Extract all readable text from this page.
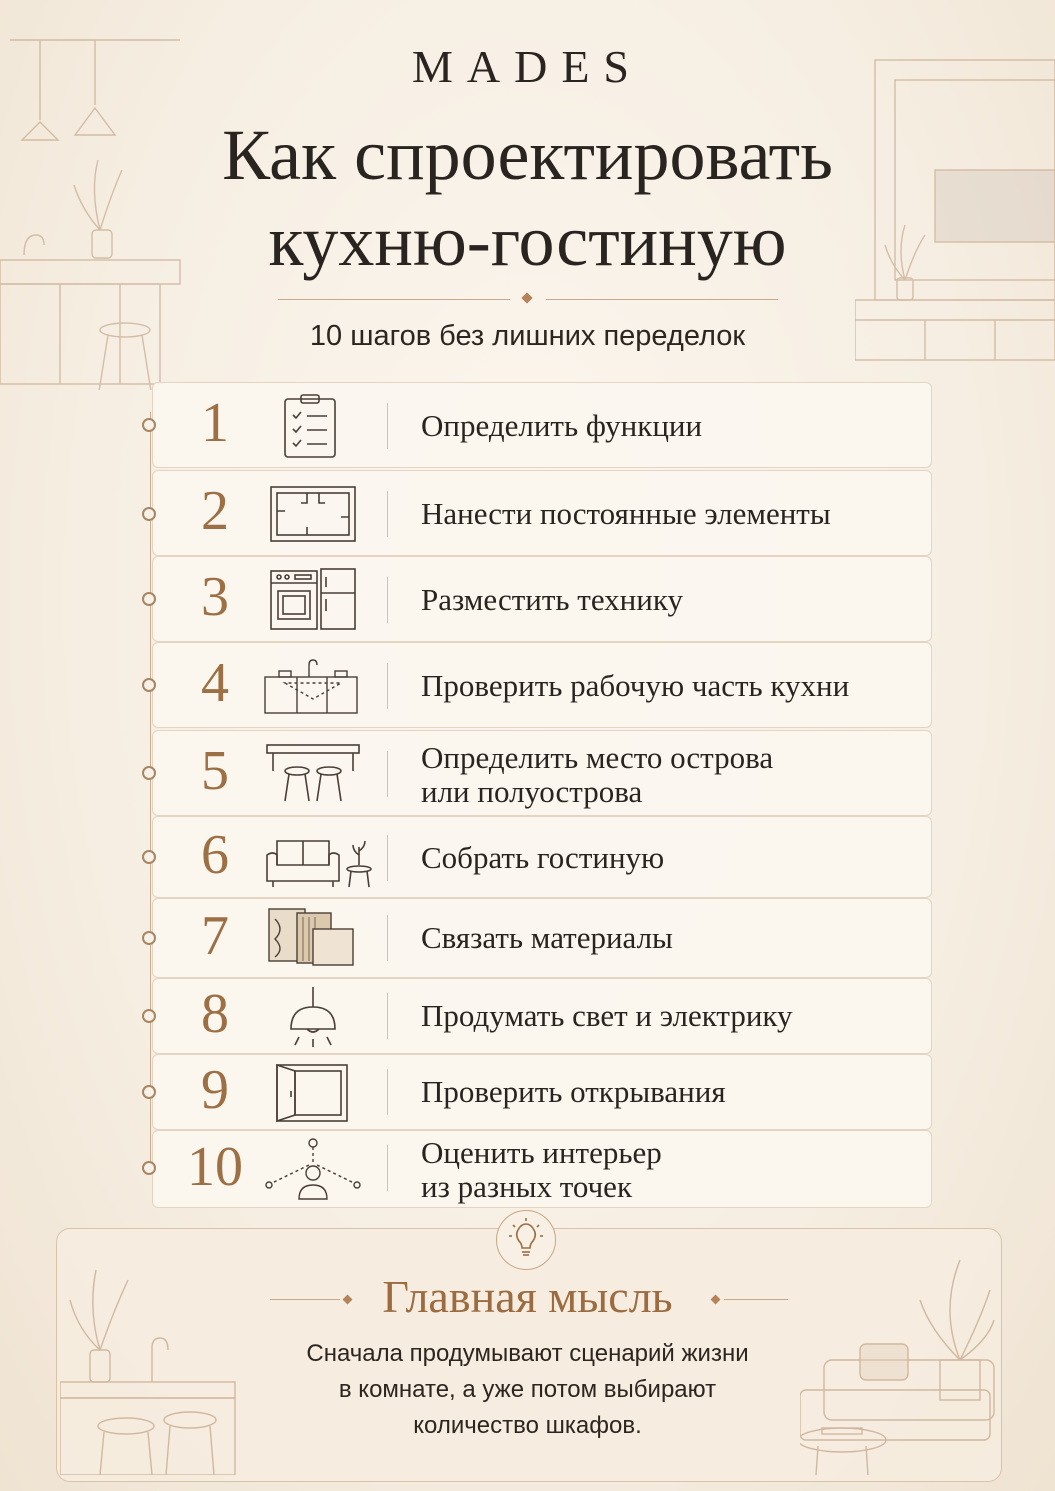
MADES
Как спроектировать
кухню-гостиную
10 шагов без лишних переделок
1	Определить функции
2	Нанести постоянные элементы
3	Разместить технику
4	Проверить рабочую часть кухни
5	Определить место острова
или полуострова
6	Собрать гостиную
7	Связать материалы
8	Продумать свет и электрику
9	Проверить открывания
10	Оценить интерьер
из разных точек
Главная мысль
Сначала продумывают сценарий жизни
в комнате, а уже потом выбирают
количество шкафов.
